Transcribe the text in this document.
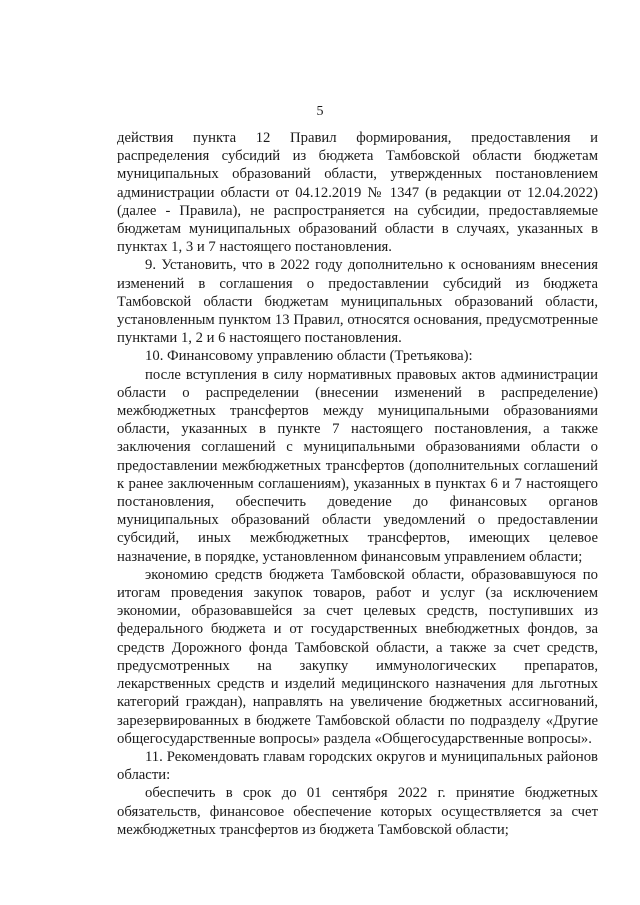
5

действия пункта 12 Правил формирования, предоставления и распределения субсидий из бюджета Тамбовской области бюджетам муниципальных образований области, утвержденных постановлением администрации области от 04.12.2019 № 1347 (в редакции от 12.04.2022) (далее - Правила), не распространяется на субсидии, предоставляемые бюджетам муниципальных образований области в случаях, указанных в пунктах 1, 3 и 7 настоящего постановления.

9. Установить, что в 2022 году дополнительно к основаниям внесения изменений в соглашения о предоставлении субсидий из бюджета Тамбовской области бюджетам муниципальных образований области, установленным пунктом 13 Правил, относятся основания, предусмотренные пунктами 1, 2 и 6 настоящего постановления.

10. Финансовому управлению области (Третьякова):

после вступления в силу нормативных правовых актов администрации области о распределении (внесении изменений в распределение) межбюджетных трансфертов между муниципальными образованиями области, указанных в пункте 7 настоящего постановления, а также заключения соглашений с муниципальными образованиями области о предоставлении межбюджетных трансфертов (дополнительных соглашений к ранее заключенным соглашениям), указанных в пунктах 6 и 7 настоящего постановления, обеспечить доведение до финансовых органов муниципальных образований области уведомлений о предоставлении субсидий, иных межбюджетных трансфертов, имеющих целевое назначение, в порядке, установленном финансовым управлением области;

экономию средств бюджета Тамбовской области, образовавшуюся по итогам проведения закупок товаров, работ и услуг (за исключением экономии, образовавшейся за счет целевых средств, поступивших из федерального бюджета и от государственных внебюджетных фондов, за средств Дорожного фонда Тамбовской области, а также за счет средств, предусмотренных на закупку иммунологических препаратов, лекарственных средств и изделий медицинского назначения для льготных категорий граждан), направлять на увеличение бюджетных ассигнований, зарезервированных в бюджете Тамбовской области по подразделу «Другие общегосударственные вопросы» раздела «Общегосударственные вопросы».

11. Рекомендовать главам городских округов и муниципальных районов области:

обеспечить в срок до 01 сентября 2022 г. принятие бюджетных обязательств, финансовое обеспечение которых осуществляется за счет межбюджетных трансфертов из бюджета Тамбовской области;
